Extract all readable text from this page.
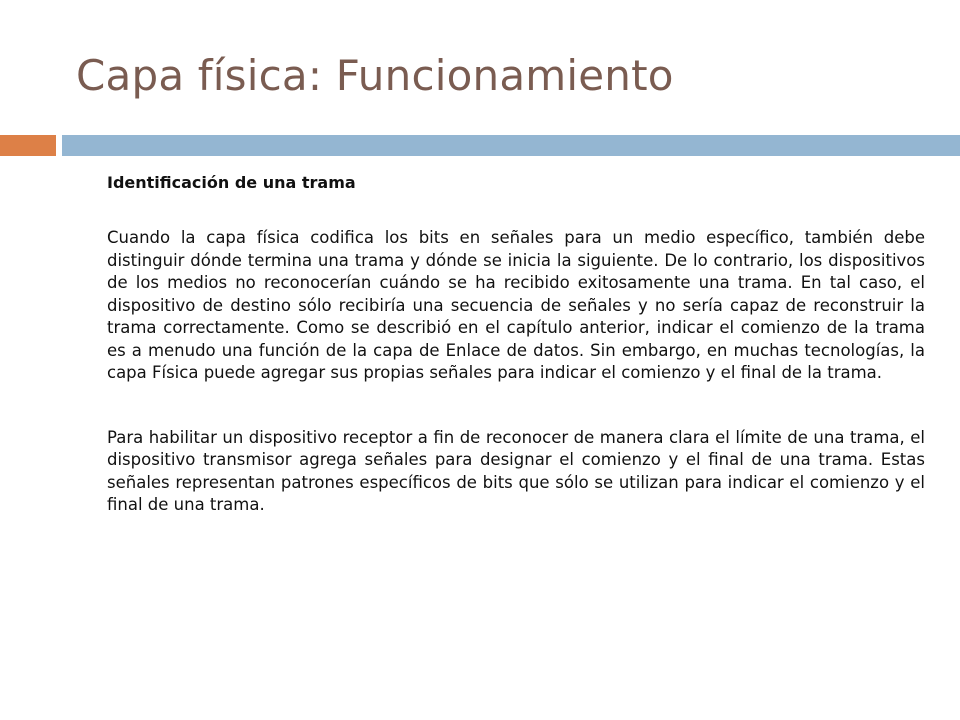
Capa física: Funcionamiento

Identificación de una trama

Cuando la capa física codifica los bits en señales para un medio específico, también debe distinguir dónde termina una trama y dónde se inicia la siguiente. De lo contrario, los dispositivos de los medios no reconocerían cuándo se ha recibido exitosamente una trama. En tal caso, el dispositivo de destino sólo recibiría una secuencia de señales y no sería capaz de reconstruir la trama correctamente. Como se describió en el capítulo anterior, indicar el comienzo de la trama es a menudo una función de la capa de Enlace de datos. Sin embargo, en muchas tecnologías, la capa Física puede agregar sus propias señales para indicar el comienzo y el final de la trama.

Para habilitar un dispositivo receptor a fin de reconocer de manera clara el límite de una trama, el dispositivo transmisor agrega señales para designar el comienzo y el final de una trama. Estas señales representan patrones específicos de bits que sólo se utilizan para indicar el comienzo y el final de una trama.
